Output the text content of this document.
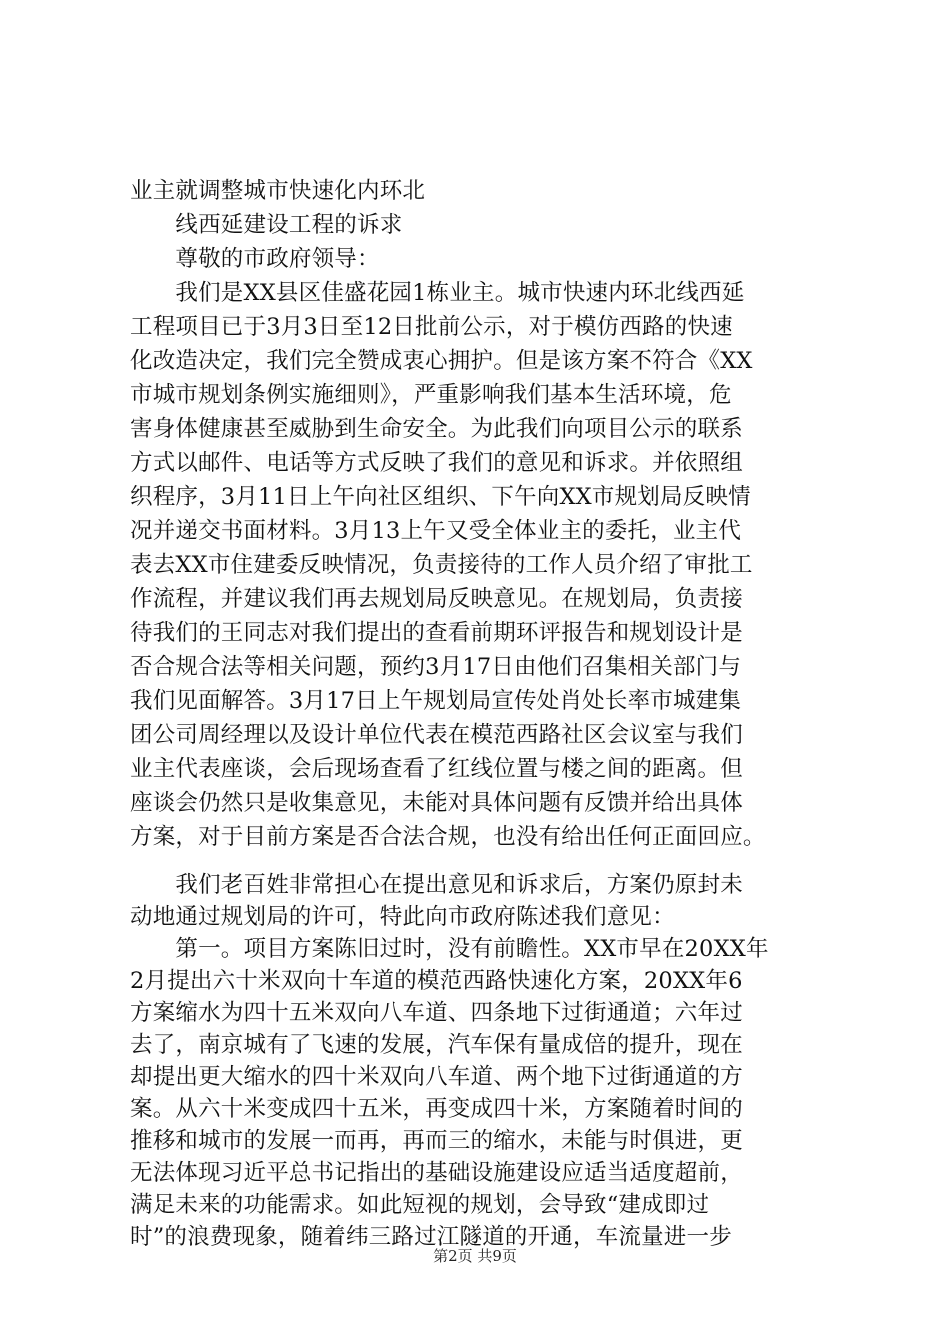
业主就调整城市快速化内环北

　　线西延建设工程的诉求

　　尊敬的市政府领导：

　　我们是XX县区佳盛花园1栋业主。城市快速内环北线西延

工程项目已于3月3日至12日批前公示，对于模仿西路的快速

化改造决定，我们完全赞成衷心拥护。但是该方案不符合《XX

市城市规划条例实施细则》，严重影响我们基本生活环境，危

害身体健康甚至威胁到生命安全。为此我们向项目公示的联系

方式以邮件、电话等方式反映了我们的意见和诉求。并依照组

织程序，3月11日上午向社区组织、下午向XX市规划局反映情

况并递交书面材料。3月13上午又受全体业主的委托，业主代

表去XX市住建委反映情况，负责接待的工作人员介绍了审批工

作流程，并建议我们再去规划局反映意见。在规划局，负责接

待我们的王同志对我们提出的查看前期环评报告和规划设计是

否合规合法等相关问题，预约3月17日由他们召集相关部门与

我们见面解答。3月17日上午规划局宣传处肖处长率市城建集

团公司周经理以及设计单位代表在模范西路社区会议室与我们

业主代表座谈，会后现场查看了红线位置与楼之间的距离。但

座谈会仍然只是收集意见，未能对具体问题有反馈并给出具体

方案，对于目前方案是否合法合规，也没有给出任何正面回应。

　　我们老百姓非常担心在提出意见和诉求后，方案仍原封未

动地通过规划局的许可，特此向市政府陈述我们意见：

　　第一。项目方案陈旧过时，没有前瞻性。XX市早在20XX年

2月提出六十米双向十车道的模范西路快速化方案，20XX年6

方案缩水为四十五米双向八车道、四条地下过街通道；六年过

去了，南京城有了飞速的发展，汽车保有量成倍的提升，现在

却提出更大缩水的四十米双向八车道、两个地下过街通道的方

案。从六十米变成四十五米，再变成四十米，方案随着时间的

推移和城市的发展一而再，再而三的缩水，未能与时俱进，更

无法体现习近平总书记指出的基础设施建设应适当适度超前，

满足未来的功能需求。如此短视的规划，会导致“建成即过

第2页 共9页

时”的浪费现象，随着纬三路过江隧道的开通，车流量进一步
